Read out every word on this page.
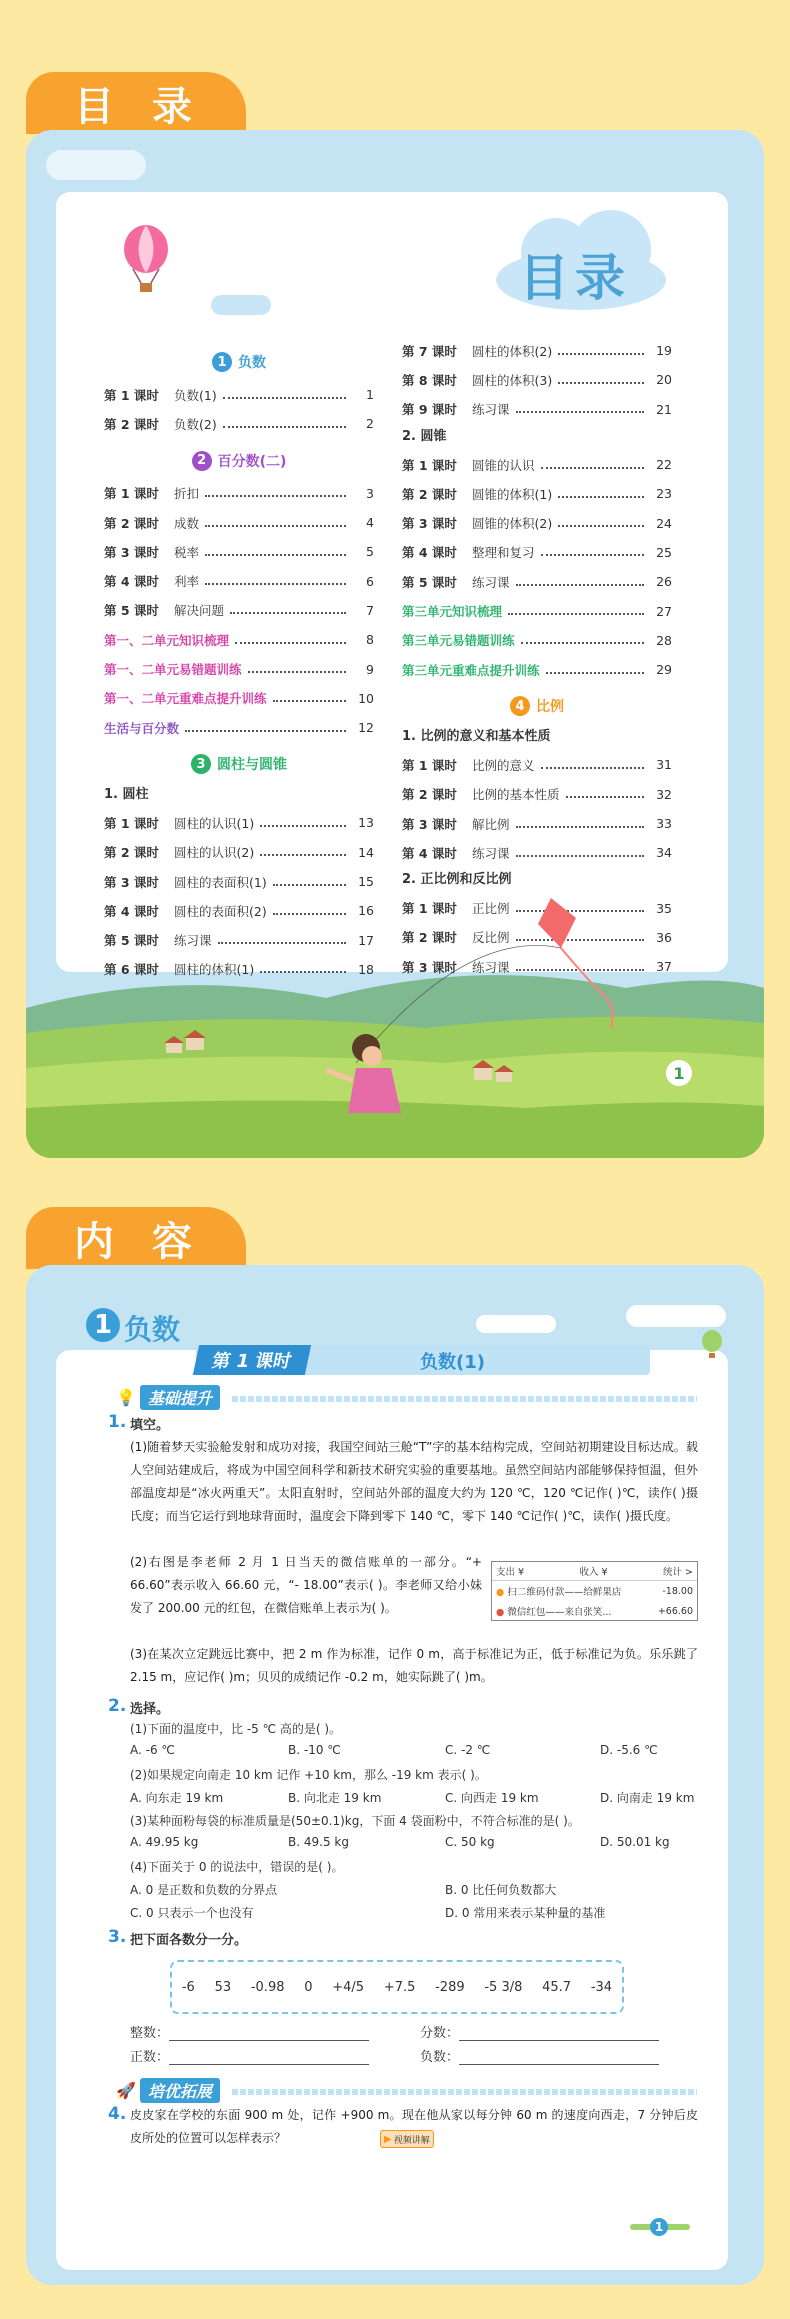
目 录
目录
1 负数
第 1 课时	负数(1)	1
第 2 课时	负数(2)	2
2 百分数(二)
第 1 课时	折扣	3
第 2 课时	成数	4
第 3 课时	税率	5
第 4 课时	利率	6
第 5 课时	解决问题	7
第一、二单元知识梳理	8
第一、二单元易错题训练	9
第一、二单元重难点提升训练	10
生活与百分数	12
3 圆柱与圆锥
1. 圆柱
第 1 课时	圆柱的认识(1)	13
第 2 课时	圆柱的认识(2)	14
第 3 课时	圆柱的表面积(1)	15
第 4 课时	圆柱的表面积(2)	16
第 5 课时	练习课	17
第 6 课时	圆柱的体积(1)	18
第 7 课时	圆柱的体积(2)	19
第 8 课时	圆柱的体积(3)	20
第 9 课时	练习课	21
2. 圆锥
第 1 课时	圆锥的认识	22
第 2 课时	圆锥的体积(1)	23
第 3 课时	圆锥的体积(2)	24
第 4 课时	整理和复习	25
第 5 课时	练习课	26
第三单元知识梳理	27
第三单元易错题训练	28
第三单元重难点提升训练	29
4 比例
1. 比例的意义和基本性质
第 1 课时	比例的意义	31
第 2 课时	比例的基本性质	32
第 3 课时	解比例	33
第 4 课时	练习课	34
2. 正比例和反比例
第 1 课时	正比例	35
第 2 课时	反比例	36
第 3 课时	练习课	37
1
内 容
1 负数
第 1 课时	负数(1)
💡 基础提升
1. 填空。
(1)随着梦天实验舱发射和成功对接，我国空间站三舱“T”字的基本结构完成，空间站初期建设目标达成。载人空间站建成后，将成为中国空间科学和新技术研究实验的重要基地。虽然空间站内部能够保持恒温，但外部温度却是“冰火两重天”。太阳直射时，空间站外部的温度大约为 120 ℃，120 ℃记作( )℃，读作( )摄氏度；而当它运行到地球背面时，温度会下降到零下 140 ℃，零下 140 ℃记作( )℃，读作( )摄氏度。
(2)右图是李老师 2 月 1 日当天的微信账单的一部分。“+ 66.60”表示收入 66.60 元，“- 18.00”表示( )。李老师又给小妹发了 200.00 元的红包，在微信账单上表示为( )。
(3)在某次立定跳远比赛中，把 2 m 作为标准，记作 0 m，高于标准记为正，低于标准记为负。乐乐跳了 2.15 m，应记作( )m；贝贝的成绩记作 -0.2 m，她实际跳了( )m。
支出 ¥	收入 ¥	统计 >
● 扫二维码付款——给鲜果店	-18.00
● 微信红包——来自张笑...	+66.60
2. 选择。
(1)下面的温度中，比 -5 ℃ 高的是( )。
A. -6 ℃	B. -10 ℃	C. -2 ℃	D. -5.6 ℃
(2)如果规定向南走 10 km 记作 +10 km，那么 -19 km 表示( )。
A. 向东走 19 km	B. 向北走 19 km	C. 向西走 19 km	D. 向南走 19 km
(3)某种面粉每袋的标准质量是(50±0.1)kg，下面 4 袋面粉中，不符合标准的是( )。
A. 49.95 kg	B. 49.5 kg	C. 50 kg	D. 50.01 kg
(4)下面关于 0 的说法中，错误的是( )。
A. 0 是正数和负数的分界点	B. 0 比任何负数都大
C. 0 只表示一个也没有	D. 0 常用来表示某种量的基准
3. 把下面各数分一分。
-6 53 -0.98 0 +4/5 +7.5 -289 -5 3/8 45.7 -34
整数：	分数：
正数：	负数：
🚀 培优拓展
4. 皮皮家在学校的东面 900 m 处，记作 +900 m。现在他从家以每分钟 60 m 的速度向西走，7 分钟后皮皮所处的位置可以怎样表示？	▶ 视频讲解
1
